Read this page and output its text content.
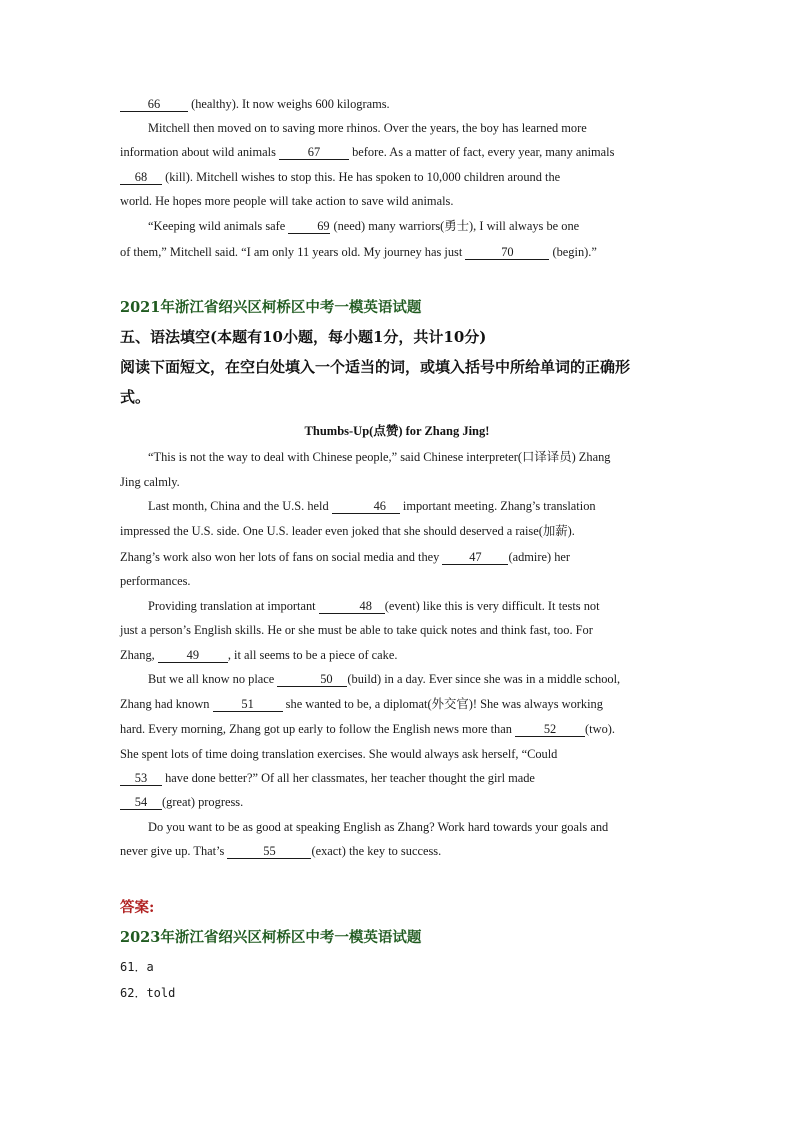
66 (healthy). It now weighs 600 kilograms.
Mitchell then moved on to saving more rhinos. Over the years, the boy has learned more
information about wild animals 67 before. As a matter of fact, every year, many animals
68 (kill). Mitchell wishes to stop this. He has spoken to 10,000 children around the
world. He hopes more people will take action to save wild animals.
“Keeping wild animals safe 69 (need) many warriors(勇士), I will always be one
of them,” Mitchell said. “I am only 11 years old. My journey has just	70	(begin).”
2021年浙江省绍兴区柯桥区中考一模英语试题
五、语法填空(本题有10小题，每小题1分，共计10分)
阅读下面短文，在空白处填入一个适当的词，或填入括号中所给单词的正确形
式。
Thumbs-Up(点赞) for Zhang Jing!
“This is not the way to deal with Chinese people,” said Chinese interpreter(口译译员) Zhang
Jing calmly.
Last month, China and the U.S. held	46 important meeting. Zhang’s translation
impressed the U.S. side. One U.S. leader even joked that she should deserved a raise(加薪).
Zhang’s work also won her lots of fans on social media and they 47 (admire) her
performances.
Providing translation at important	48 (event) like this is very difficult. It tests not
just a person’s English skills. He or she must be able to take quick notes and think fast, too. For
Zhang, 49 , it all seems to be a piece of cake.
But we all know no place	50 (build) in a day. Ever since she was in a middle school,
Zhang had known 51 she wanted to be, a diplomat(外交官)! She was always working
hard. Every morning, Zhang got up early to follow the English news more than 52 (two).
She spent lots of time doing translation exercises. She would always ask herself, “Could
53 have done better?” Of all her classmates, her teacher thought the girl made
54 (great) progress.
Do you want to be as good at speaking English as Zhang? Work hard towards your goals and
never give up. That’s	55	(exact) the key to success.
答案:
2023年浙江省绍兴区柯桥区中考一模英语试题
61．a
62．told
